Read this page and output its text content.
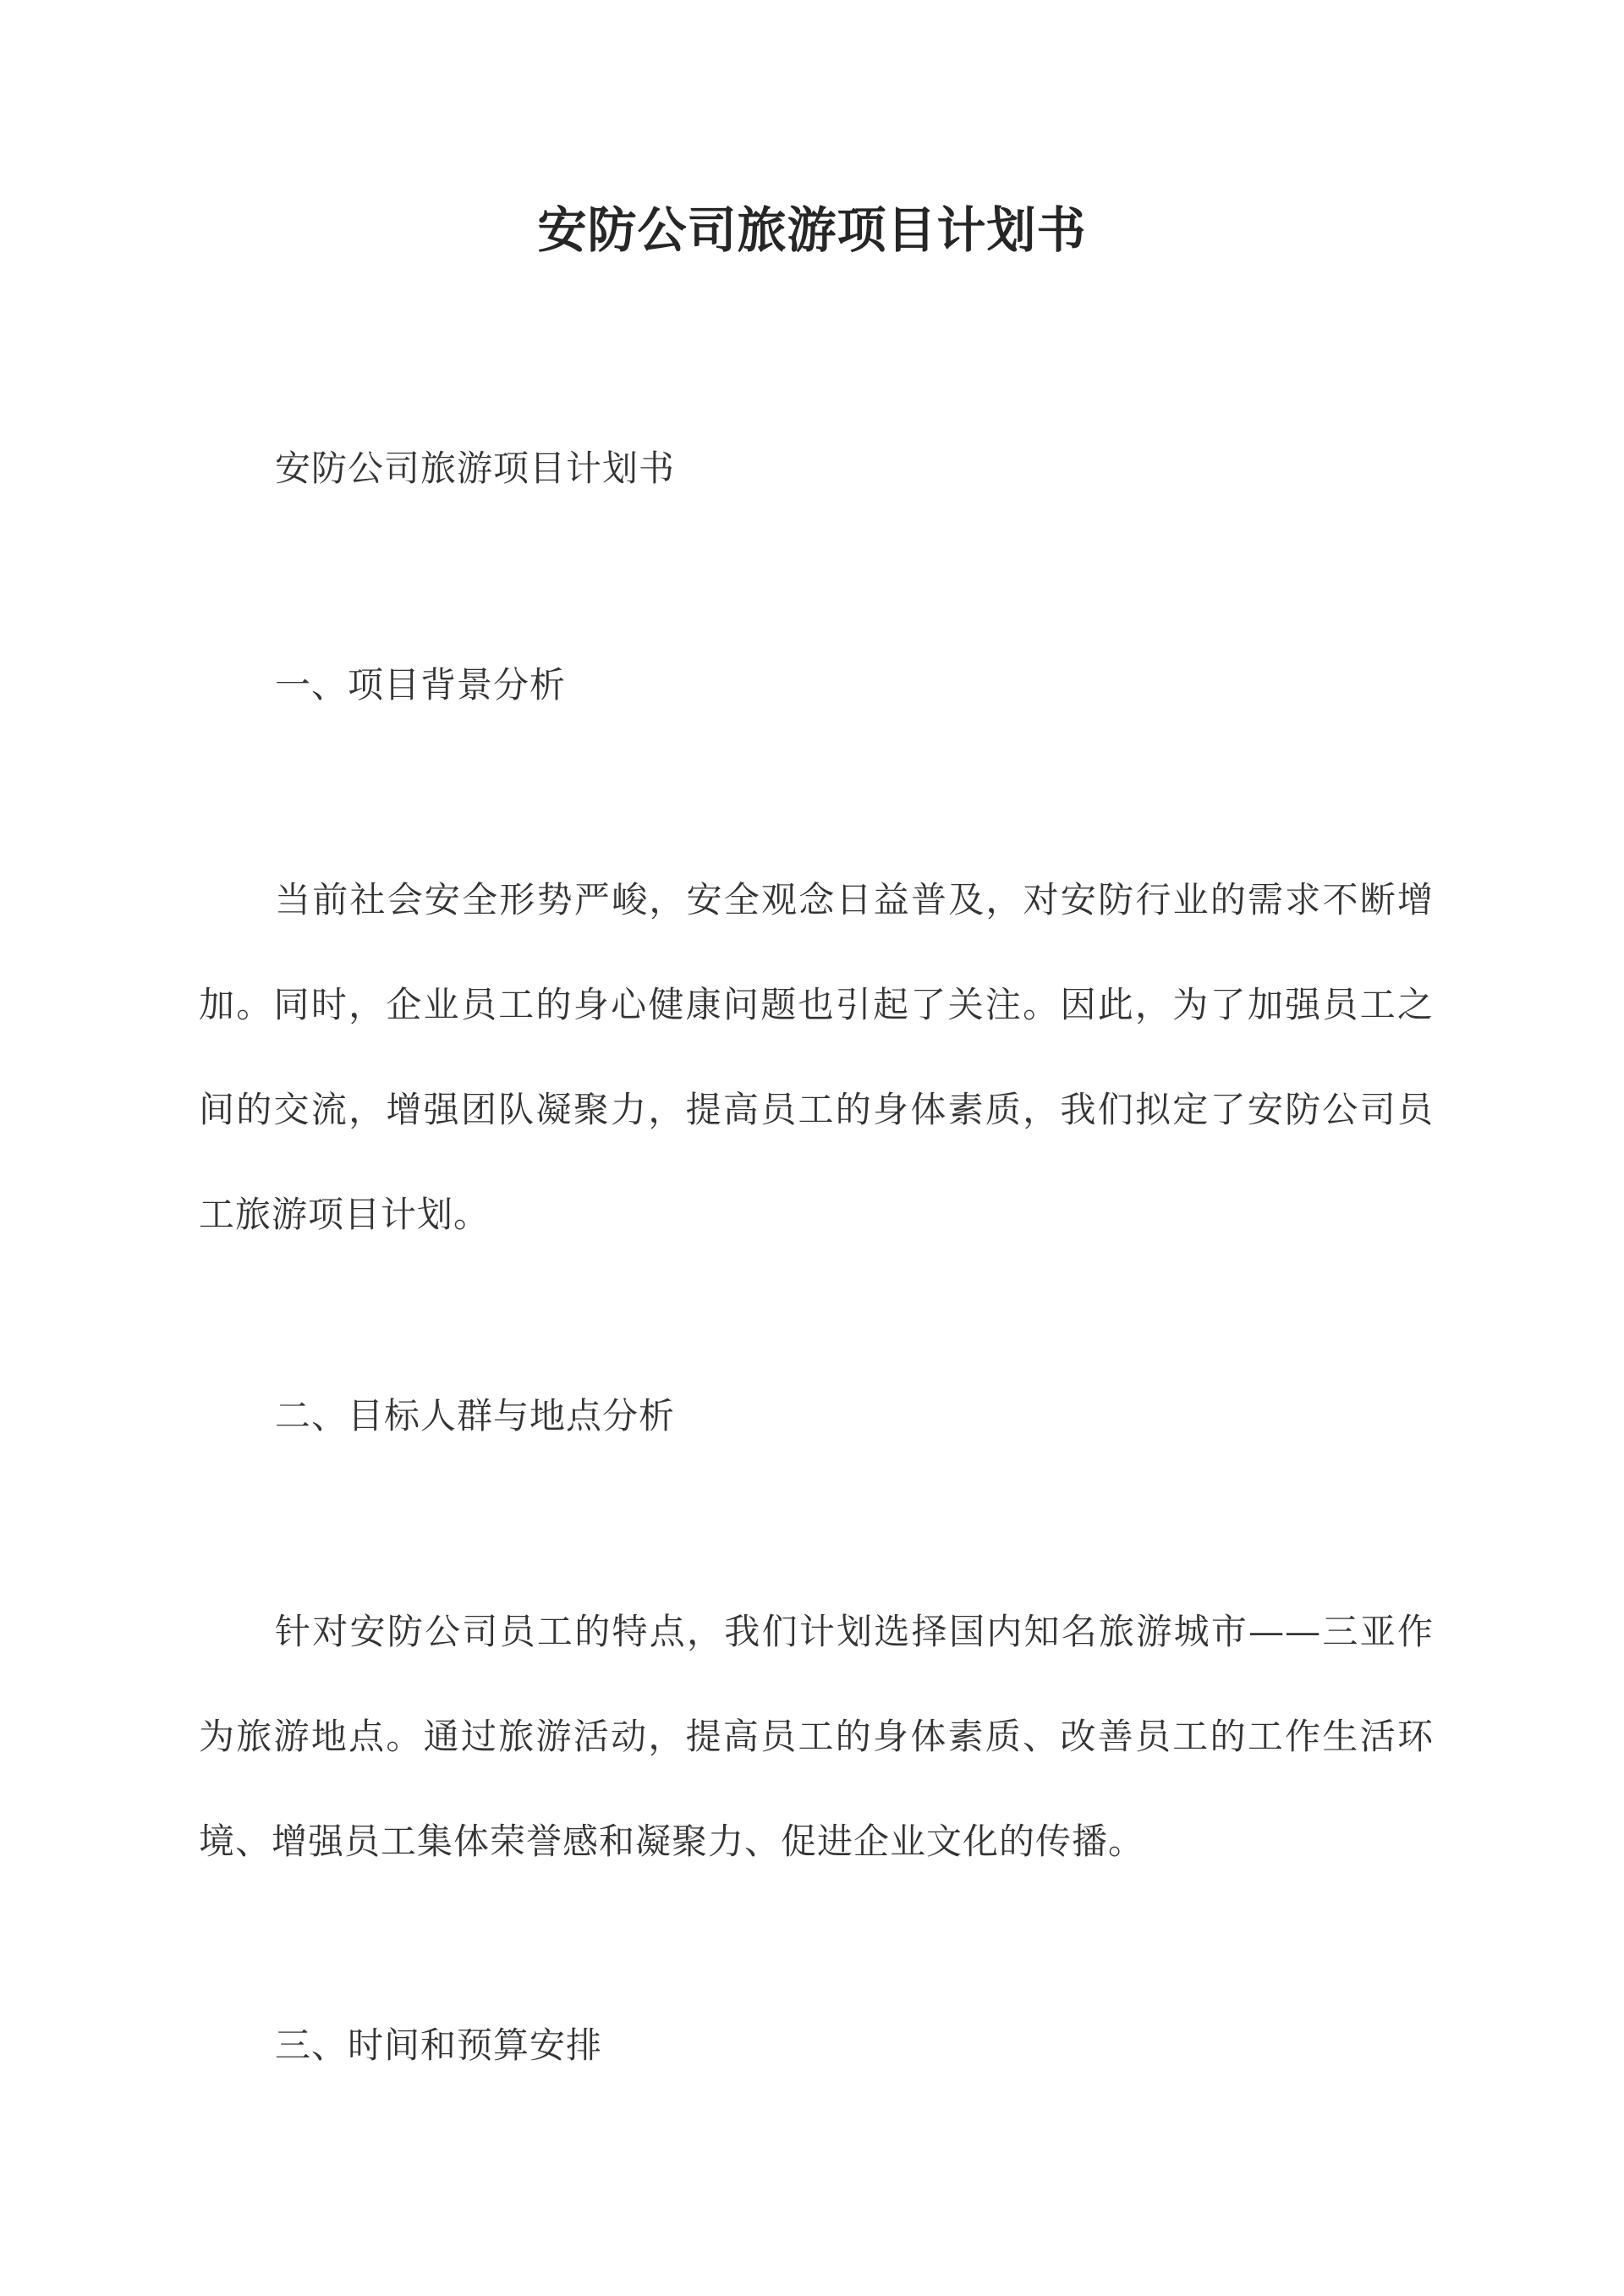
安防公司旅游项目计划书
安防公司旅游项目计划书
一、项目背景分析
当前社会安全形势严峻，安全观念日益普及，对安防行业的需求不断增加。同时，企业员工的身心健康问题也引起了关注。因此，为了加强员工之间的交流，增强团队凝聚力，提高员工的身体素质，我们拟定了安防公司员工旅游项目计划。
二、目标人群与地点分析
针对安防公司员工的特点，我们计划选择国内知名旅游城市——三亚作为旅游地点。通过旅游活动，提高员工的身体素质、改善员工的工作生活环境、增强员工集体荣誉感和凝聚力、促进企业文化的传播。
三、时间和预算安排
